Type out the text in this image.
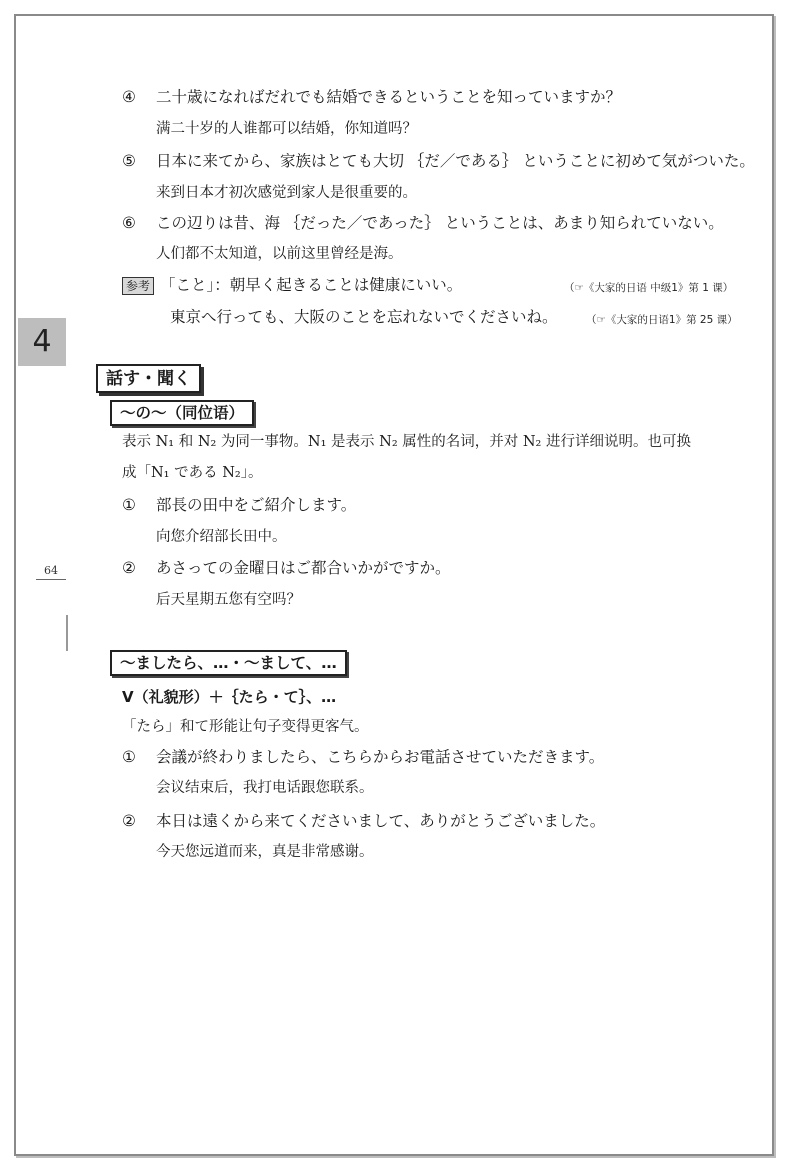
4
64
④ 二十歳になればだれでも結婚できるということを知っていますか？
满二十岁的人谁都可以结婚，你知道吗？
⑤ 日本に来てから、家族はとても大切 ｛だ／である｝ ということに初めて気がついた。
来到日本才初次感觉到家人是很重要的。
⑥ この辺りは昔、海 ｛だった／であった｝ ということは、あまり知られていない。
人们都不太知道，以前这里曾经是海。
参考 「こと」：朝早く起きることは健康にいい。	（☞《大家的日语 中级1》第 1 课）
東京へ行っても、大阪のことを忘れないでくださいね。	（☞《大家的日语1》第 25 课）
話す・聞く
～の～（同位语）
表示 N₁ 和 N₂ 为同一事物。N₁ 是表示 N₂ 属性的名词，并对 N₂ 进行详细说明。也可换
成「N₁ である N₂」。
① 部長の田中をご紹介します。
向您介绍部长田中。
② あさっての金曜日はご都合いかがですか。
后天星期五您有空吗？
～ましたら、…・～まして、…
V（礼貌形）＋｛たら・て｝、…
「たら」和て形能让句子变得更客气。
① 会議が終わりましたら、こちらからお電話させていただきます。
会议结束后，我打电话跟您联系。
② 本日は遠くから来てくださいまして、ありがとうございました。
今天您远道而来，真是非常感谢。
